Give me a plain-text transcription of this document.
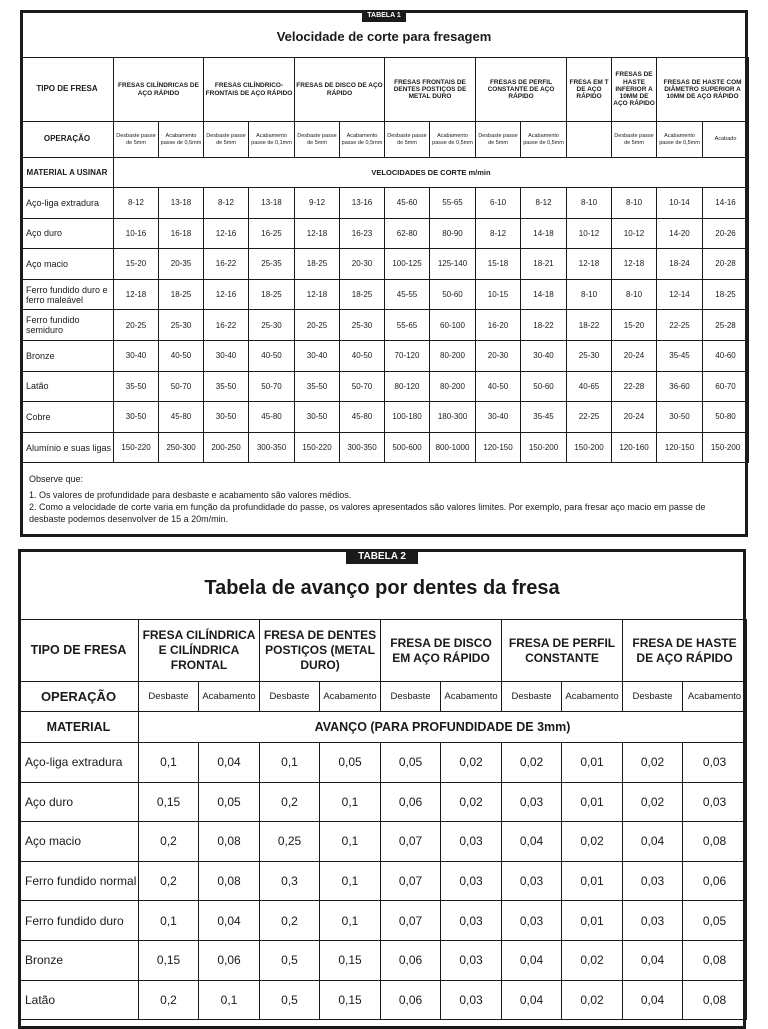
TABELA 1
Velocidade de corte para fresagem
TIPO DE FRESA	FRESAS CILÍNDRICAS DE AÇO RÁPIDO		FRESAS CILÍNDRICO-FRONTAIS DE AÇO RÁPIDO		FRESAS DE DISCO DE AÇO RÁPIDO		FRESAS FRONTAIS DE DENTES POSTIÇOS DE METAL DURO		FRESAS DE PERFIL CONSTANTE DE AÇO RÁPIDO		FRESA EM T DE AÇO RÁPIDO	FRESAS DE HASTE INFERIOR A 10MM DE AÇO RÁPIDO	FRESAS DE HASTE COM DIÂMETRO SUPERIOR A 10MM DE AÇO RÁPIDO	
OPERAÇÃO	Desbaste passe de 5mm	Acabamento passe de 0,5mm	Desbaste passe de 5mm	Acabamento passe de 0,1mm	Desbaste passe de 5mm	Acabamento passe de 0,5mm	Desbaste passe de 5mm	Acabamento passe de 0,5mm	Desbaste passe de 5mm	Acabamento passe de 0,5mm		Desbaste passe de 5mm	Acabamento passe de 0,5mm	Acabado
MATERIAL A USINAR	VELOCIDADES DE CORTE m/min													
Aço-liga extradura	8-12	13-18	8-12	13-18	9-12	13-16	45-60	55-65	6-10	8-12	8-10	8-10	10-14	14-16
Aço duro	10-16	16-18	12-16	16-25	12-18	16-23	62-80	80-90	8-12	14-18	10-12	10-12	14-20	20-26
Aço macio	15-20	20-35	16-22	25-35	18-25	20-30	100-125	125-140	15-18	18-21	12-18	12-18	18-24	20-28
Ferro fundido duro e ferro maleável	12-18	18-25	12-16	18-25	12-18	18-25	45-55	50-60	10-15	14-18	8-10	8-10	12-14	18-25
Ferro fundido semiduro	20-25	25-30	16-22	25-30	20-25	25-30	55-65	60-100	16-20	18-22	18-22	15-20	22-25	25-28
Bronze	30-40	40-50	30-40	40-50	30-40	40-50	70-120	80-200	20-30	30-40	25-30	20-24	35-45	40-60
Latão	35-50	50-70	35-50	50-70	35-50	50-70	80-120	80-200	40-50	50-60	40-65	22-28	36-60	60-70
Cobre	30-50	45-80	30-50	45-80	30-50	45-80	100-180	180-300	30-40	35-45	22-25	20-24	30-50	50-80
Alumínio e suas ligas	150-220	250-300	200-250	300-350	150-220	300-350	500-600	800-1000	120-150	150-200	150-200	120-160	120-150	150-200
Observe que:
1. Os valores de profundidade para desbaste e acabamento são valores médios.
2. Como a velocidade de corte varia em função da profundidade do passe, os valores apresentados são valores limites. Por exemplo, para fresar aço macio em passe de desbaste podemos desenvolver de 15 a 20m/min.
TABELA 2
Tabela de avanço por dentes da fresa
TIPO DE FRESA	FRESA CILÍNDRICA E CILÍNDRICA FRONTAL		FRESA DE DENTES POSTIÇOS (METAL DURO)		FRESA DE DISCO EM AÇO RÁPIDO		FRESA DE PERFIL CONSTANTE		FRESA DE HASTE DE AÇO RÁPIDO	
OPERAÇÃO	Desbaste	Acabamento	Desbaste	Acabamento	Desbaste	Acabamento	Desbaste	Acabamento	Desbaste	Acabamento
MATERIAL	AVANÇO (PARA PROFUNDIDADE DE 3mm)									
Aço-liga extradura	0,1	0,04	0,1	0,05	0,05	0,02	0,02	0,01	0,02	0,03
Aço duro	0,15	0,05	0,2	0,1	0,06	0,02	0,03	0,01	0,02	0,03
Aço macio	0,2	0,08	0,25	0,1	0,07	0,03	0,04	0,02	0,04	0,08
Ferro fundido normal	0,2	0,08	0,3	0,1	0,07	0,03	0,03	0,01	0,03	0,06
Ferro fundido duro	0,1	0,04	0,2	0,1	0,07	0,03	0,03	0,01	0,03	0,05
Bronze	0,15	0,06	0,5	0,15	0,06	0,03	0,04	0,02	0,04	0,08
Latão	0,2	0,1	0,5	0,15	0,06	0,03	0,04	0,02	0,04	0,08
